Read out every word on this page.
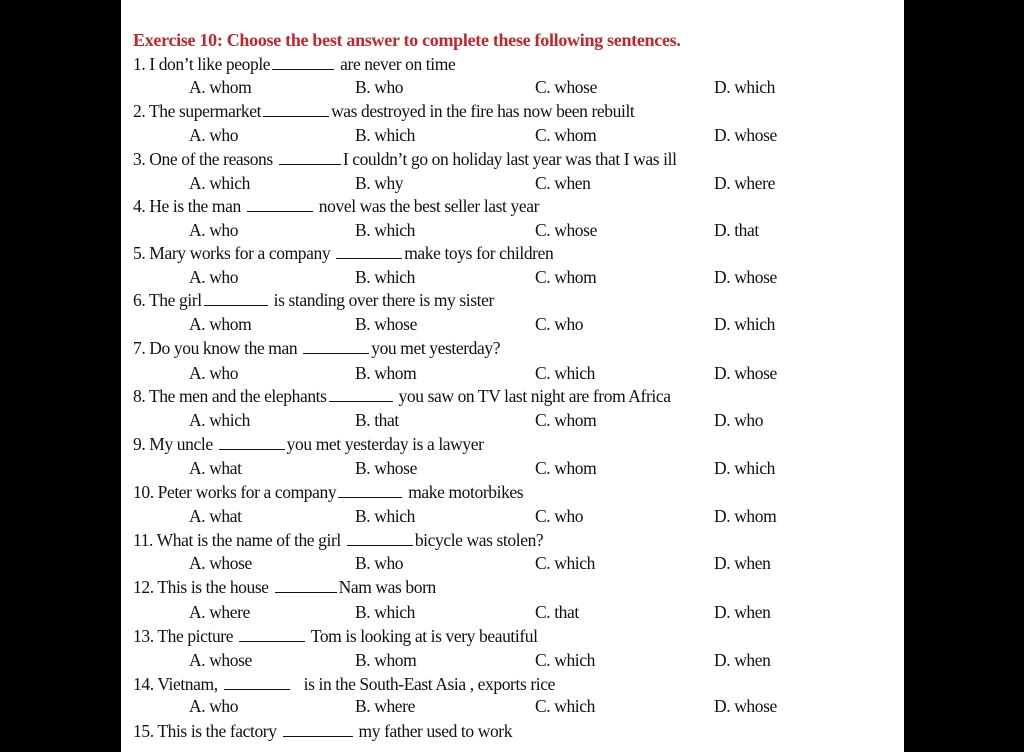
Exercise 10: Choose the best answer to complete these following sentences.
1. I don’t like people	are never on time
A. whom	B. who	C. whose	D. which
2. The supermarket	was destroyed in the fire has now been rebuilt
A. who	B. which	C. whom	D. whose
3. One of the reasons	I couldn’t go on holiday last year was that I was ill
A. which	B. why	C. when	D. where
4. He is the man	novel was the best seller last year
A. who	B. which	C. whose	D. that
5. Mary works for a company	make toys for children
A. who	B. which	C. whom	D. whose
6. The girl	is standing over there is my sister
A. whom	B. whose	C. who	D. which
7. Do you know the man	you met yesterday?
A. who	B. whom	C. which	D. whose
8. The men and the elephants	you saw on TV last night are from Africa
A. which	B. that	C. whom	D. who
9. My uncle	you met yesterday is a lawyer
A. what	B. whose	C. whom	D. which
10. Peter works for a company	make motorbikes
A. what	B. which	C. who	D. whom
11. What is the name of the girl	bicycle was stolen?
A. whose	B. who	C. which	D. when
12. This is the house	Nam was born
A. where	B. which	C. that	D. when
13. The picture	Tom is looking at is very beautiful
A. whose	B. whom	C. which	D. when
14. Vietnam,	is in the South-East Asia , exports rice
A. who	B. where	C. which	D. whose
15. This is the factory	my father used to work
